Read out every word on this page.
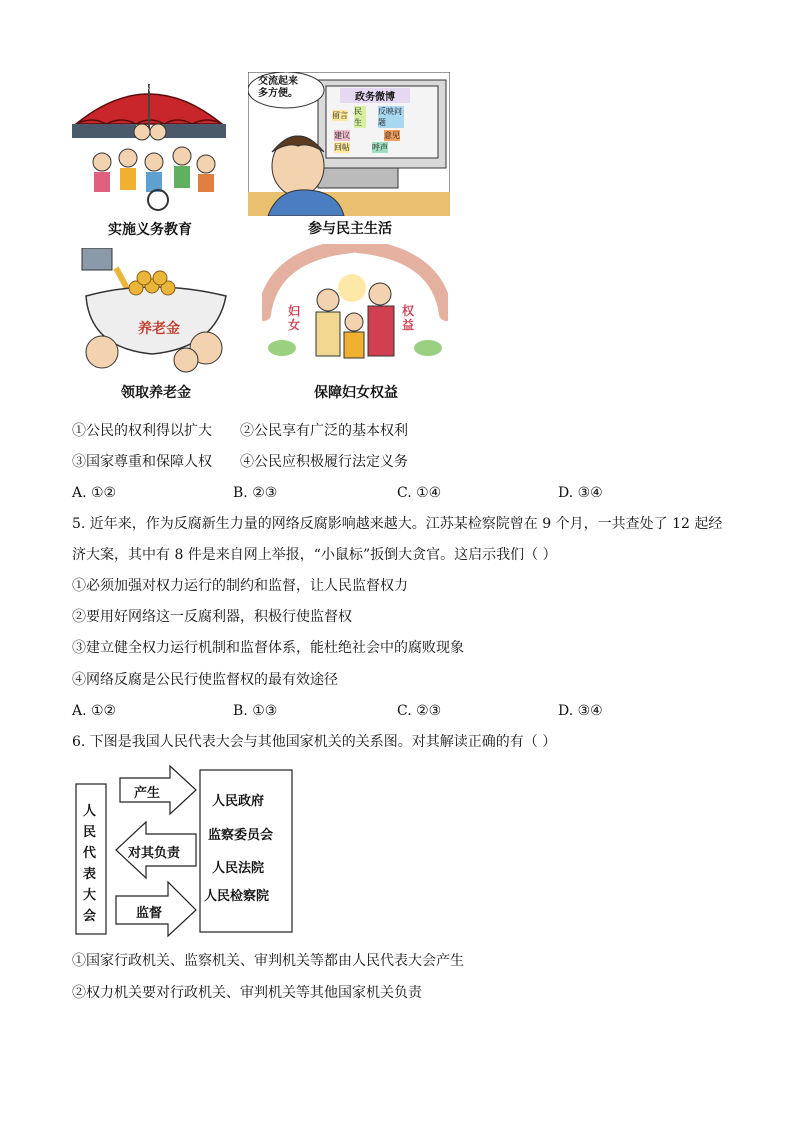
义务教育
实施义务教育
交流起来
多方便。	政务微博
留言 民生
反映问题
建议	意见
回帖	呼声
参与民主生活
养老金
领取养老金
妇女
权益
保障妇女权益
①公民的权利得以扩大 ②公民享有广泛的基本权利
③国家尊重和保障人权 ④公民应积极履行法定义务
A. ①②	B. ②③	C. ①④	D. ③④
5. 近年来，作为反腐新生力量的网络反腐影响越来越大。江苏某检察院曾在 9 个月，一共查处了 12 起经
济大案，其中有 8 件是来自网上举报，“小鼠标”扳倒大贪官。这启示我们（ ）
①必须加强对权力运行的制约和监督，让人民监督权力
②要用好网络这一反腐利器，积极行使监督权
③建立健全权力运行机制和监督体系，能杜绝社会中的腐败现象
④网络反腐是公民行使监督权的最有效途径
A. ①②	B. ①③	C. ②③	D. ③④
6. 下图是我国人民代表大会与其他国家机关的关系图。对其解读正确的有（ ）
人
民
代
表
大
会
产生
对其负责
监督
人民政府
监察委员会
人民法院
人民检察院
①国家行政机关、监察机关、审判机关等都由人民代表大会产生
②权力机关要对行政机关、审判机关等其他国家机关负责
